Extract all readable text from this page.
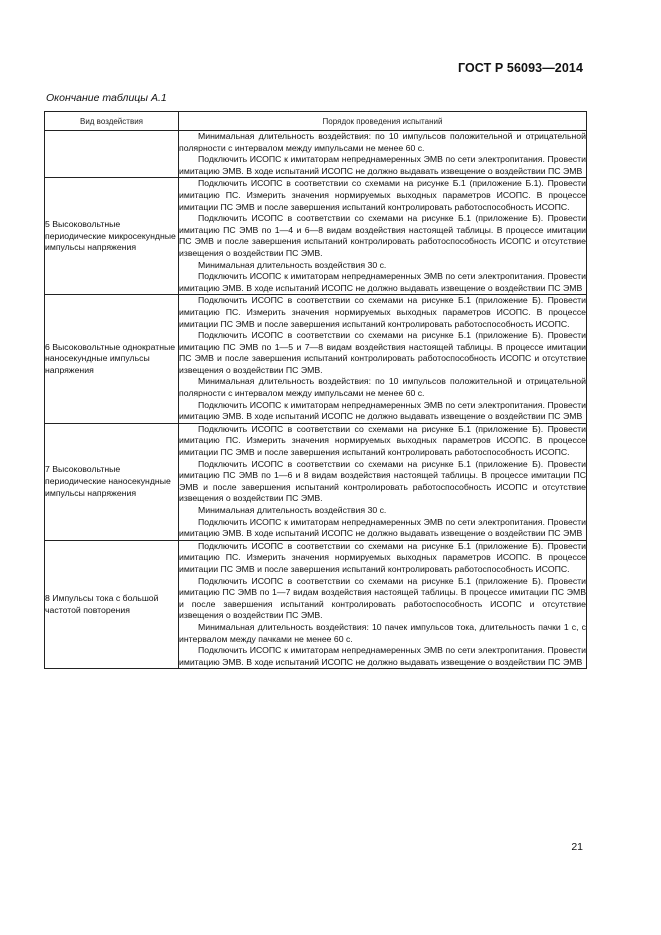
ГОСТ Р 56093—2014
Окончание таблицы А.1
Вид воздействия	Порядок проведения испытаний

	Минимальная длительность воздействия: по 10 импульсов положительной и отрицательной полярности с интервалом между импульсами не менее 60 с.

Подключить ИСОПС к имитаторам непреднамеренных ЭМВ по сети электропитания. Провести имитацию ЭМВ. В ходе испытаний ИСОПС не должно выдавать извещение о воздействии ПС ЭМВ

5 Высоковольтные периодические микросекундные импульсы напряжения	Подключить ИСОПС в соответствии со схемами на рисунке Б.1 (приложение Б.1). Провести имитацию ПС. Измерить значения нормируемых выходных параметров ИСОПС. В процессе имитации ПС ЭМВ и после завершения испытаний контролировать работоспособность ИСОПС.

Подключить ИСОПС в соответствии со схемами на рисунке Б.1 (приложение Б). Провести имитацию ПС ЭМВ по 1—4 и 6—8 видам воздействия настоящей таблицы. В процессе имитации ПС ЭМВ и после завершения испытаний контролировать работоспособность ИСОПС и отсутствие извещения о воздействии ПС ЭМВ.

Минимальная длительность воздействия 30 с.

Подключить ИСОПС к имитаторам непреднамеренных ЭМВ по сети электропитания. Провести имитацию ЭМВ. В ходе испытаний ИСОПС не должно выдавать извещение о воздействии ПС ЭМВ

6 Высоковольтные однократные наносекундные импульсы напряжения	Подключить ИСОПС в соответствии со схемами на рисунке Б.1 (приложение Б). Провести имитацию ПС. Измерить значения нормируемых выходных параметров ИСОПС. В процессе имитации ПС ЭМВ и после завершения испытаний контролировать работоспособность ИСОПС.

Подключить ИСОПС в соответствии со схемами на рисунке Б.1 (приложение Б). Провести имитацию ПС ЭМВ по 1—5 и 7—8 видам воздействия настоящей таблицы. В процессе имитации ПС ЭМВ и после завершения испытаний контролировать работоспособность ИСОПС и отсутствие извещения о воздействии ПС ЭМВ.

Минимальная длительность воздействия: по 10 импульсов положительной и отрицательной полярности с интервалом между импульсами не менее 60 с.

Подключить ИСОПС к имитаторам непреднамеренных ЭМВ по сети электропитания. Провести имитацию ЭМВ. В ходе испытаний ИСОПС не должно выдавать извещение о воздействии ПС ЭМВ

7 Высоковольтные периодические наносекундные импульсы напряжения	Подключить ИСОПС в соответствии со схемами на рисунке Б.1 (приложение Б). Провести имитацию ПС. Измерить значения нормируемых выходных параметров ИСОПС. В процессе имитации ПС ЭМВ и после завершения испытаний контролировать работоспособность ИСОПС.

Подключить ИСОПС в соответствии со схемами на рисунке Б.1 (приложение Б). Провести имитацию ПС ЭМВ по 1—6 и 8 видам воздействия настоящей таблицы. В процессе имитации ПС ЭМВ и после завершения испытаний контролировать работоспособность ИСОПС и отсутствие извещения о воздействии ПС ЭМВ.

Минимальная длительность воздействия 30 с.

Подключить ИСОПС к имитаторам непреднамеренных ЭМВ по сети электропитания. Провести имитацию ЭМВ. В ходе испытаний ИСОПС не должно выдавать извещение о воздействии ПС ЭМВ

8 Импульсы тока с большой частотой повторения	Подключить ИСОПС в соответствии со схемами на рисунке Б.1 (приложение Б). Провести имитацию ПС. Измерить значения нормируемых выходных параметров ИСОПС. В процессе имитации ПС ЭМВ и после завершения испытаний контролировать работоспособность ИСОПС.

Подключить ИСОПС в соответствии со схемами на рисунке Б.1 (приложение Б). Провести имитацию ПС ЭМВ по 1—7 видам воздействия настоящей таблицы. В процессе имитации ПС ЭМВ и после завершения испытаний контролировать работоспособность ИСОПС и отсутствие извещения о воздействии ПС ЭМВ.

Минимальная длительность воздействия: 10 пачек импульсов тока, длительность пачки 1 с, с интервалом между пачками не менее 60 с.

Подключить ИСОПС к имитаторам непреднамеренных ЭМВ по сети электропитания. Провести имитацию ЭМВ. В ходе испытаний ИСОПС не должно выдавать извещение о воздействии ПС ЭМВ

21
